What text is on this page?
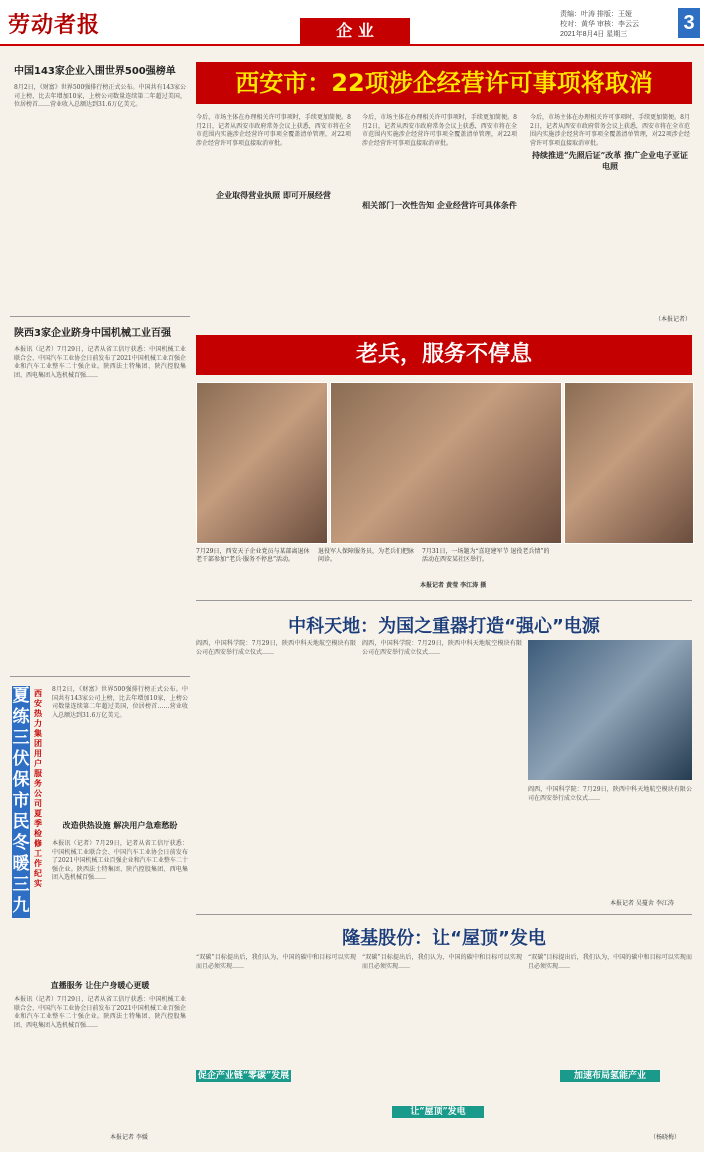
劳动者报	企 业
责编：叶涛 排版：王娅
校对：黄华 审核：李云云
2021年8月4日 星期三
3
中国143家企业入围世界500强榜单
8月2日，《财富》世界500强排行榜正式公布。中国共有143家公司上榜，比去年增加10家，上榜公司数量连续第二年超过美国，位居榜首……营业收入总额达到31.6万亿美元。
陕西3家企业跻身中国机械工业百强
本报讯（记者）7月29日，记者从省工信厅获悉：中国机械工业联合会、中国汽车工业协会日前发布了2021中国机械工业百强企业和汽车工业整车二十强企业。陕西法士特集团、陕汽控股集团、西电集团入选机械百强……
夏练三伏 保市民冬暖三九
西安热力集团用户服务公司夏季检修工作纪实
改造供热设施 解决用户急难愁盼
8月2日，《财富》世界500强排行榜正式公布。中国共有143家公司上榜，比去年增加10家，上榜公司数量连续第二年超过美国，位居榜首……营业收入总额达到31.6万亿美元。
本报讯（记者）7月29日，记者从省工信厅获悉：中国机械工业联合会、中国汽车工业协会日前发布了2021中国机械工业百强企业和汽车工业整车二十强企业。陕西法士特集团、陕汽控股集团、西电集团入选机械百强……
直播服务 让住户身暖心更暖
本报讯（记者）7月29日，记者从省工信厅获悉：中国机械工业联合会、中国汽车工业协会日前发布了2021中国机械工业百强企业和汽车工业整车二十强企业。陕西法士特集团、陕汽控股集团、西电集团入选机械百强……
本报记者 李媛
西安市：22项涉企经营许可事项将取消
今后，市场主体在办理相关许可事项时，手续更加简便。8月2日，记者从西安市政府常务会议上获悉，西安市将在全市范围内实施涉企经营许可事项全覆盖清单管理，对22项涉企经营许可事项直接取消审批。
企业取得营业执照 即可开展经营
相关部门一次性告知 企业经营许可具体条件
今后，市场主体在办理相关许可事项时，手续更加简便。8月2日，记者从西安市政府常务会议上获悉，西安市将在全市范围内实施涉企经营许可事项全覆盖清单管理，对22项涉企经营许可事项直接取消审批。
持续推进“先照后证”改革 推广企业电子亚证电照
今后，市场主体在办理相关许可事项时，手续更加简便。8月2日，记者从西安市政府常务会议上获悉，西安市将在全市范围内实施涉企经营许可事项全覆盖清单管理，对22项涉企经营许可事项直接取消审批。
（本报记者）
老兵，服务不停息
7月29日，西安天子企业党员与某部离退休老干部参加“老兵·服务不停息”活动。
退役军人保障服务员，为老兵们把脉问诊。
7月31日，一场题为“喜迎建军节 退役老兵情”的活动在西安某社区举行。
本报记者 黄莹 李江涛 摄
中科天地：为国之重器打造“强心”电源
阎西，中国科学院：7月29日，陕西中科天地航空模块有限公司在西安举行成立仪式……
阎西，中国科学院：7月29日，陕西中科天地航空模块有限公司在西安举行成立仪式……
阎西，中国科学院：7月29日，陕西中科天地航空模块有限公司在西安举行成立仪式……
本报记者 吴蔓舍 李江涛
隆基股份：让“屋顶”发电
“双碳”目标提出后，我们认为，中国的碳中和目标可以实现而且必须实现……
促企产业链“零碳”发展
“双碳”目标提出后，我们认为，中国的碳中和目标可以实现而且必须实现……
让“屋顶”发电
“双碳”目标提出后，我们认为，中国的碳中和目标可以实现而且必须实现……
加速布局氢能产业
（杨晓梅）
